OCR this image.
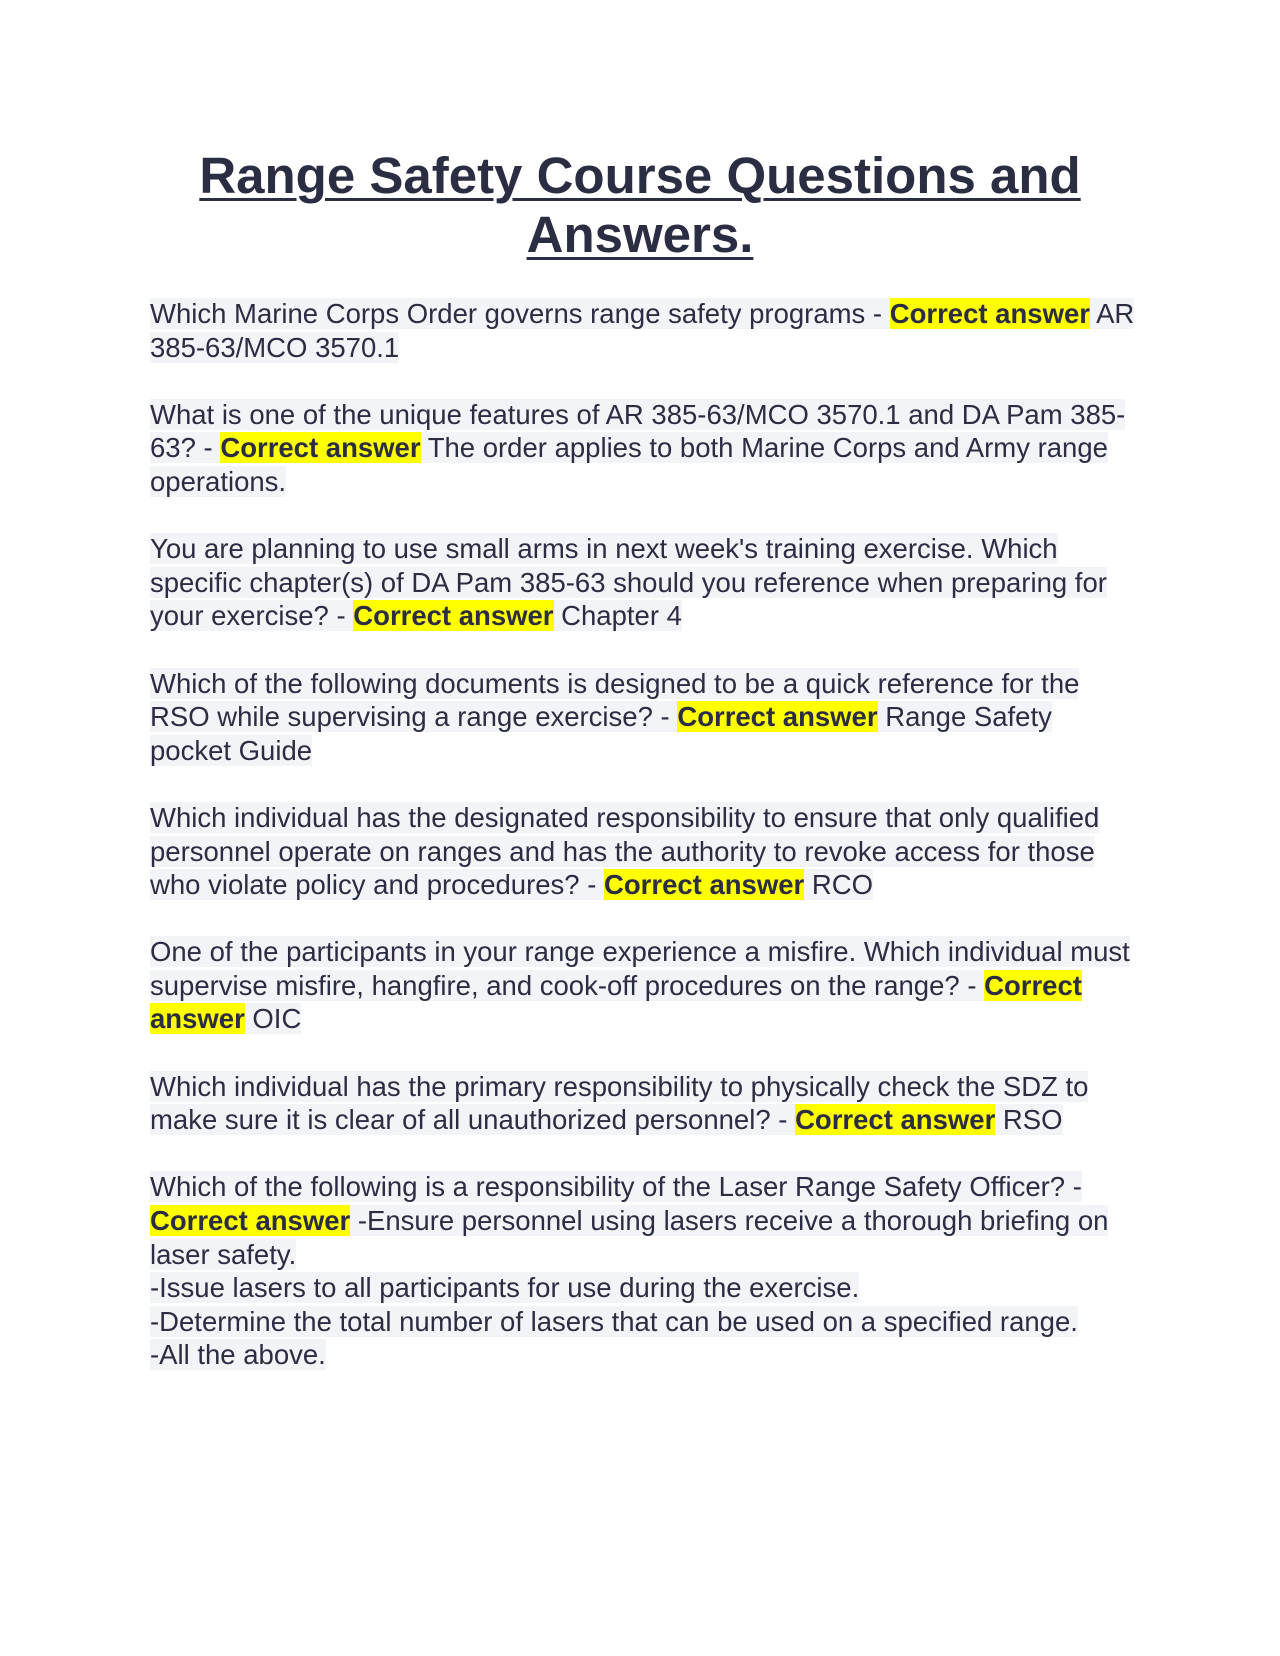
Range Safety Course Questions and Answers.

Which Marine Corps Order governs range safety programs - Correct answer AR 385-63/MCO 3570.1

What is one of the unique features of AR 385-63/MCO 3570.1 and DA Pam 385-63? - Correct answer The order applies to both Marine Corps and Army range operations.

You are planning to use small arms in next week's training exercise. Which specific chapter(s) of DA Pam 385-63 should you reference when preparing for your exercise? - Correct answer Chapter 4

Which of the following documents is designed to be a quick reference for the RSO while supervising a range exercise? - Correct answer Range Safety pocket Guide

Which individual has the designated responsibility to ensure that only qualified personnel operate on ranges and has the authority to revoke access for those who violate policy and procedures? - Correct answer RCO

One of the participants in your range experience a misfire. Which individual must supervise misfire, hangfire, and cook-off procedures on the range? - Correct answer OIC

Which individual has the primary responsibility to physically check the SDZ to make sure it is clear of all unauthorized personnel? - Correct answer RSO

Which of the following is a responsibility of the Laser Range Safety Officer? - Correct answer -Ensure personnel using lasers receive a thorough briefing on laser safety.
-Issue lasers to all participants for use during the exercise.
-Determine the total number of lasers that can be used on a specified range.
-All the above.
